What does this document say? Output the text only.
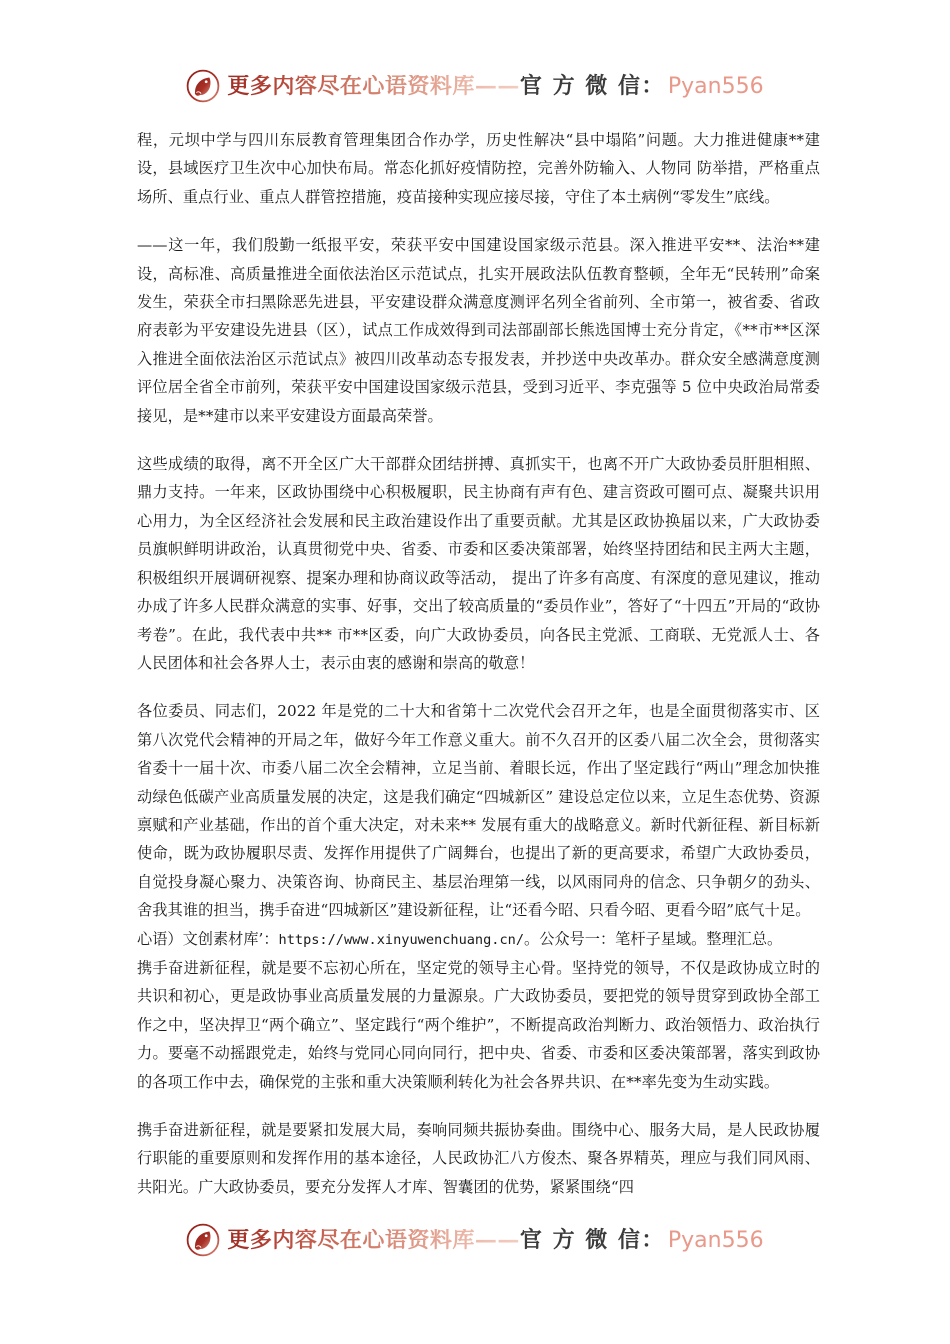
更多内容尽在心语资料库—— 官 方 微 信： Pyan556

程，元坝中学与四川东辰教育管理集团合作办学，历史性解决“县中塌陷”问题。大力推进健康**建设，县域医疗卫生次中心加快布局。常态化抓好疫情防控，完善外防输入、人物同 防举措，严格重点场所、重点行业、重点人群管控措施，疫苗接种实现应接尽接，守住了本土病例“零发生”底线。

——这一年，我们殷勤一纸报平安，荣获平安中国建设国家级示范县。深入推进平安**、法治**建设，高标准、高质量推进全面依法治区示范试点，扎实开展政法队伍教育整顿，全年无“民转刑”命案发生，荣获全市扫黑除恶先进县，平安建设群众满意度测评名列全省前列、全市第一，被省委、省政府表彰为平安建设先进县（区），试点工作成效得到司法部副部长熊选国博士充分肯定，《**市**区深入推进全面依法治区示范试点》被四川改革动态专报发表，并抄送中央改革办。群众安全感满意度测评位居全省全市前列，荣获平安中国建设国家级示范县，受到习近平、李克强等 5 位中央政治局常委接见，是**建市以来平安建设方面最高荣誉。

这些成绩的取得，离不开全区广大干部群众团结拼搏、真抓实干，也离不开广大政协委员肝胆相照、鼎力支持。一年来，区政协围绕中心积极履职，民主协商有声有色、建言资政可圈可点、凝聚共识用心用力，为全区经济社会发展和民主政治建设作出了重要贡献。尤其是区政协换届以来，广大政协委员旗帜鲜明讲政治，认真贯彻党中央、省委、市委和区委决策部署，始终坚持团结和民主两大主题，积极组织开展调研视察、提案办理和协商议政等活动， 提出了许多有高度、有深度的意见建议，推动办成了许多人民群众满意的实事、好事，交出了较高质量的“委员作业”，答好了“十四五”开局的“政协考卷”。在此，我代表中共** 市**区委，向广大政协委员，向各民主党派、工商联、无党派人士、各人民团体和社会各界人士，表示由衷的感谢和崇高的敬意！

各位委员、同志们，2022 年是党的二十大和省第十二次党代会召开之年，也是全面贯彻落实市、区第八次党代会精神的开局之年，做好今年工作意义重大。前不久召开的区委八届二次全会，贯彻落实省委十一届十次、市委八届二次全会精神，立足当前、着眼长远，作出了坚定践行“两山”理念加快推动绿色低碳产业高质量发展的决定，这是我们确定“四城新区” 建设总定位以来，立足生态优势、资源禀赋和产业基础，作出的首个重大决定，对未来** 发展有重大的战略意义。新时代新征程、新目标新使命，既为政协履职尽责、发挥作用提供了广阔舞台，也提出了新的更高要求，希望广大政协委员，自觉投身凝心聚力、决策咨询、协商民主、基层治理第一线，以风雨同舟的信念、只争朝夕的劲头、舍我其谁的担当，携手奋进“四城新区”建设新征程，让“还看今昭、只看今昭、更看今昭”底气十足。

心语）文创素材库’：https://www.xinyuwenchuang.cn/。公众号一：笔杆子星域。整理汇总。

携手奋进新征程，就是要不忘初心所在，坚定党的领导主心骨。坚持党的领导，不仅是政协成立时的共识和初心，更是政协事业高质量发展的力量源泉。广大政协委员，要把党的领导贯穿到政协全部工作之中，坚决捍卫“两个确立”、坚定践行“两个维护”，不断提高政治判断力、政治领悟力、政治执行力。要毫不动摇跟党走，始终与党同心同向同行，把中央、省委、市委和区委决策部署，落实到政协的各项工作中去，确保党的主张和重大决策顺利转化为社会各界共识、在**率先变为生动实践。

携手奋进新征程，就是要紧扣发展大局，奏响同频共振协奏曲。围绕中心、服务大局，是人民政协履行职能的重要原则和发挥作用的基本途径，人民政协汇八方俊杰、聚各界精英，理应与我们同风雨、共阳光。广大政协委员，要充分发挥人才库、智囊团的优势，紧紧围绕“四

更多内容尽在心语资料库—— 官 方 微 信： Pyan556
